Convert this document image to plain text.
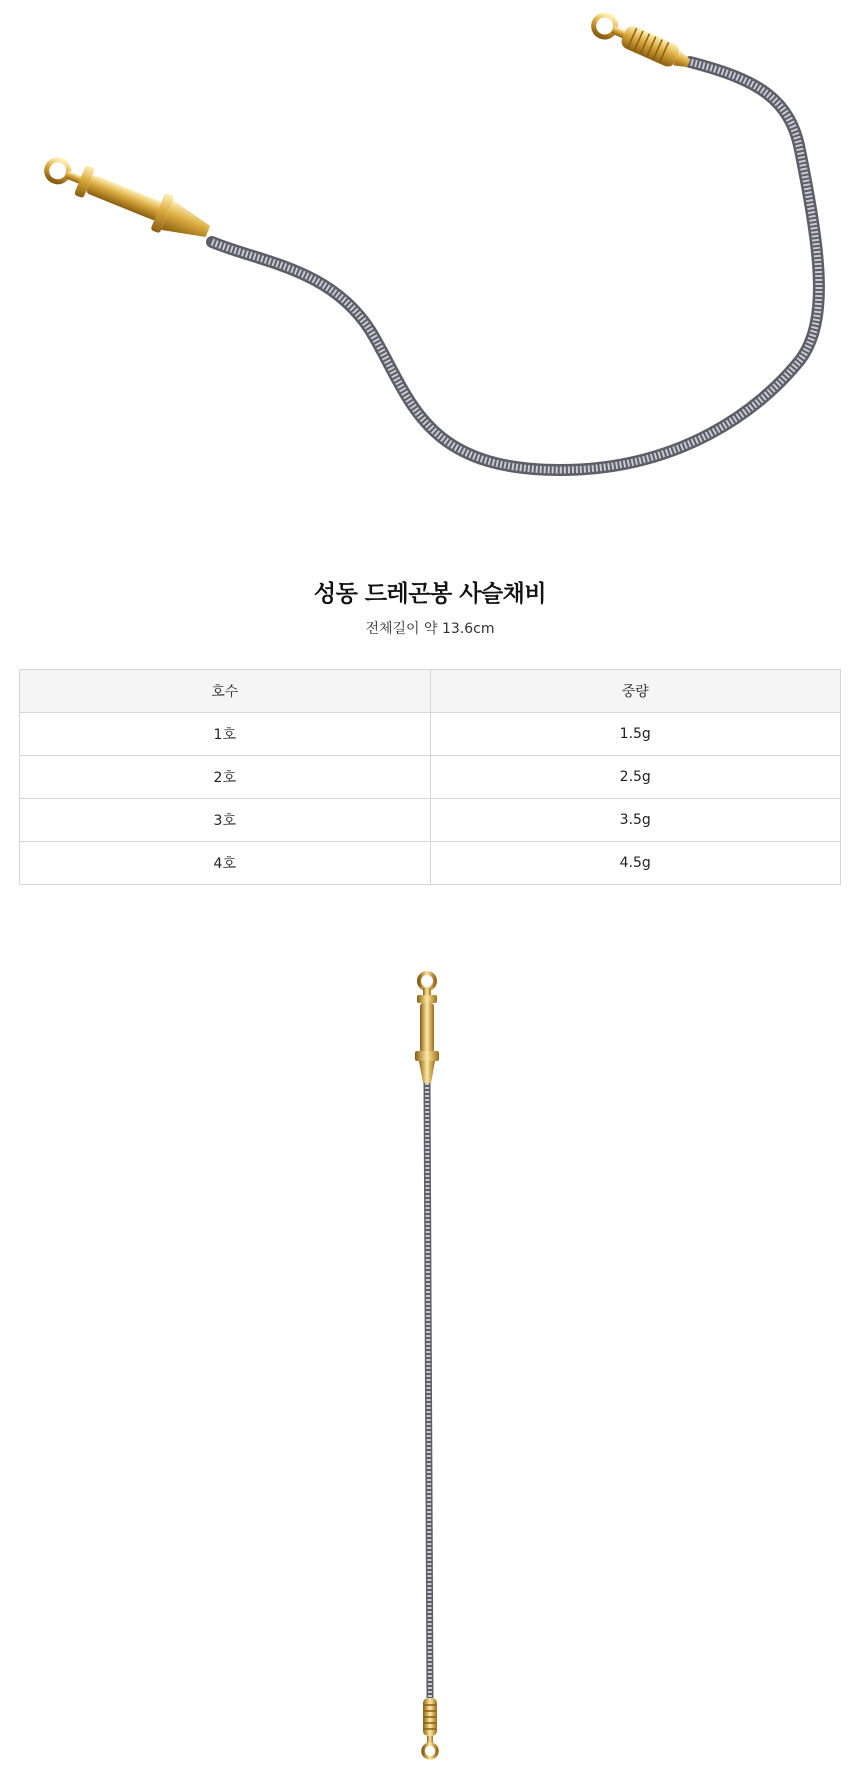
성동 드레곤봉 사슬채비
전체길이 약 13.6cm
호수	중량
1호	1.5g
2호	2.5g
3호	3.5g
4호	4.5g
